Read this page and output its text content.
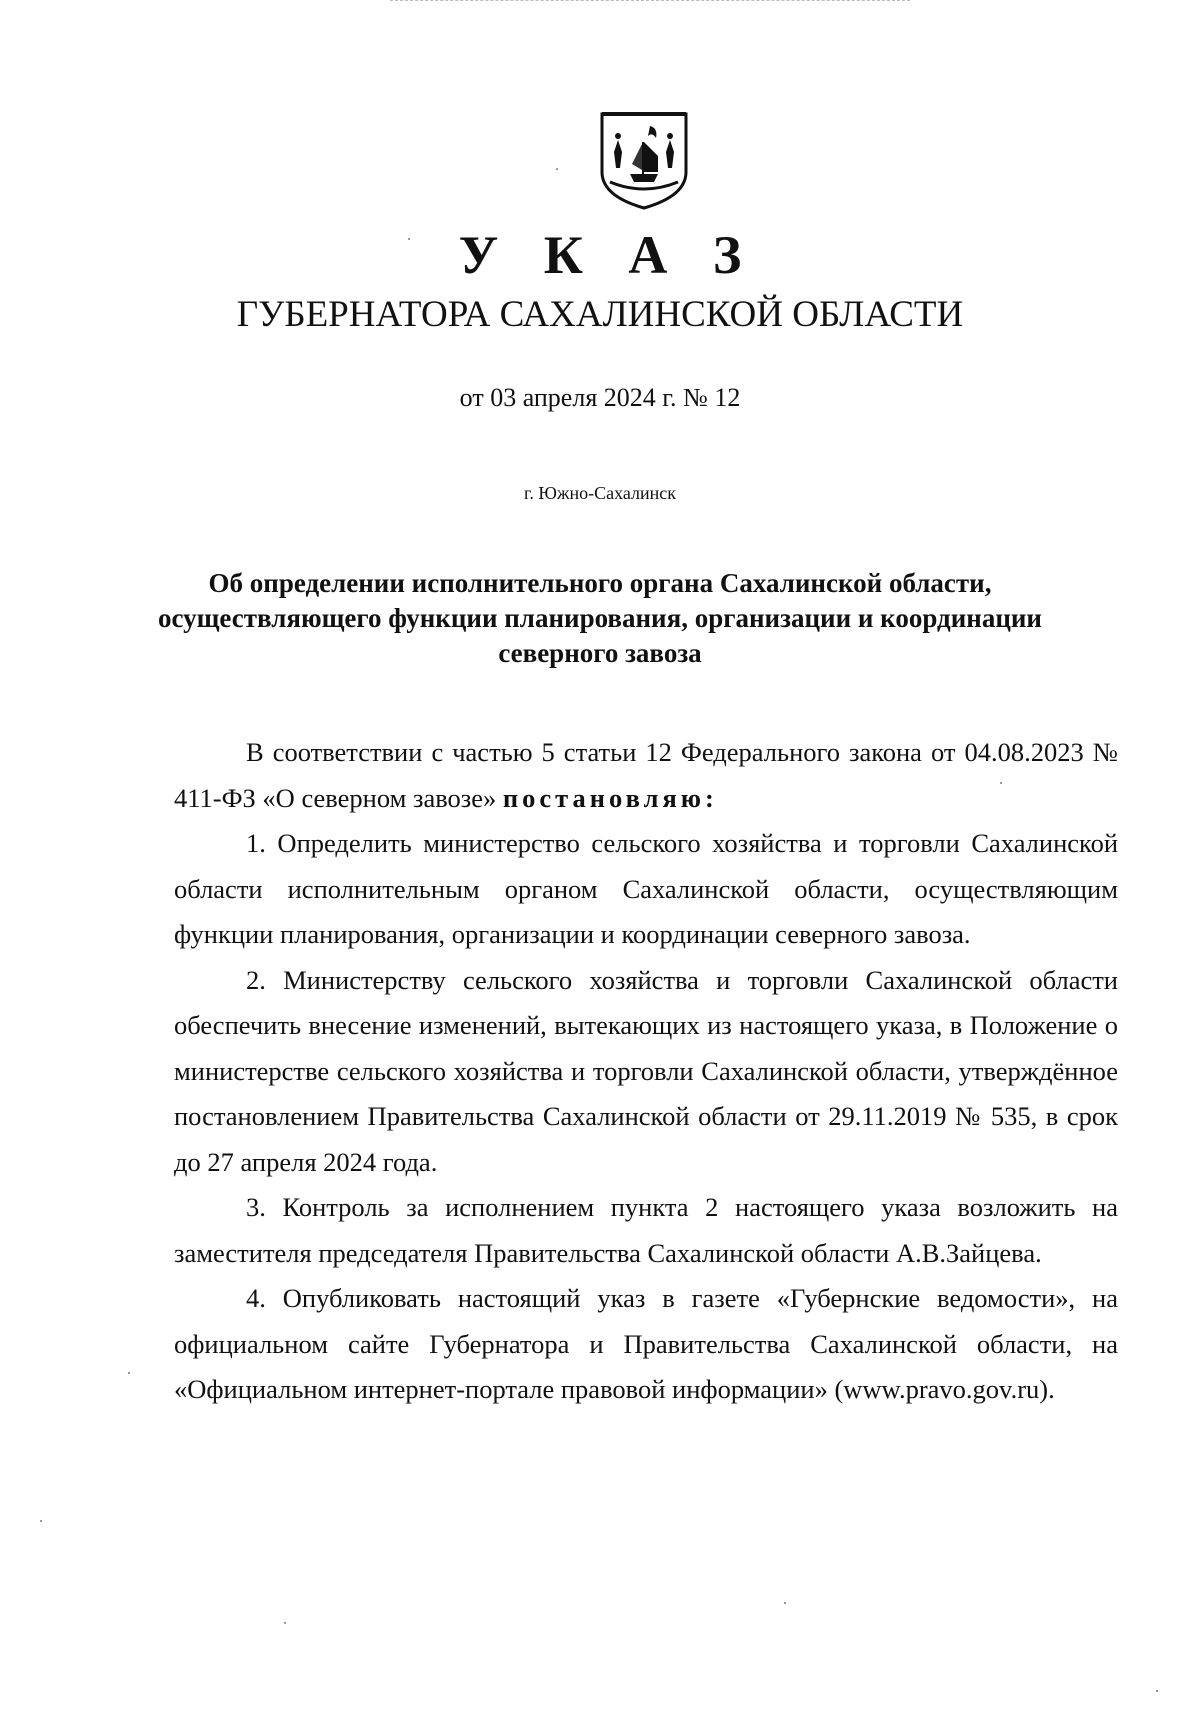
У К А З
ГУБЕРНАТОРА САХАЛИНСКОЙ ОБЛАСТИ
от 03 апреля 2024 г. № 12
г. Южно-Сахалинск
Об определении исполнительного органа Сахалинской области, осуществляющего функции планирования, организации и координации северного завоза

В соответствии с частью 5 статьи 12 Федерального закона от 04.08.2023 № 411-ФЗ «О северном завозе» постановляю:

1. Определить министерство сельского хозяйства и торговли Сахалинской области исполнительным органом Сахалинской области, осуществляющим функции планирования, организации и координации северного завоза.

2. Министерству сельского хозяйства и торговли Сахалинской области обеспечить внесение изменений, вытекающих из настоящего указа, в Положение о министерстве сельского хозяйства и торговли Сахалинской области, утверждённое постановлением Правительства Сахалинской области от 29.11.2019 № 535, в срок до 27 апреля 2024 года.

3. Контроль за исполнением пункта 2 настоящего указа возложить на заместителя председателя Правительства Сахалинской области А.В.Зайцева.

4. Опубликовать настоящий указ в газете «Губернские ведомости», на официальном сайте Губернатора и Правительства Сахалинской области, на «Официальном интернет-портале правовой информации» (www.pravo.gov.ru).
